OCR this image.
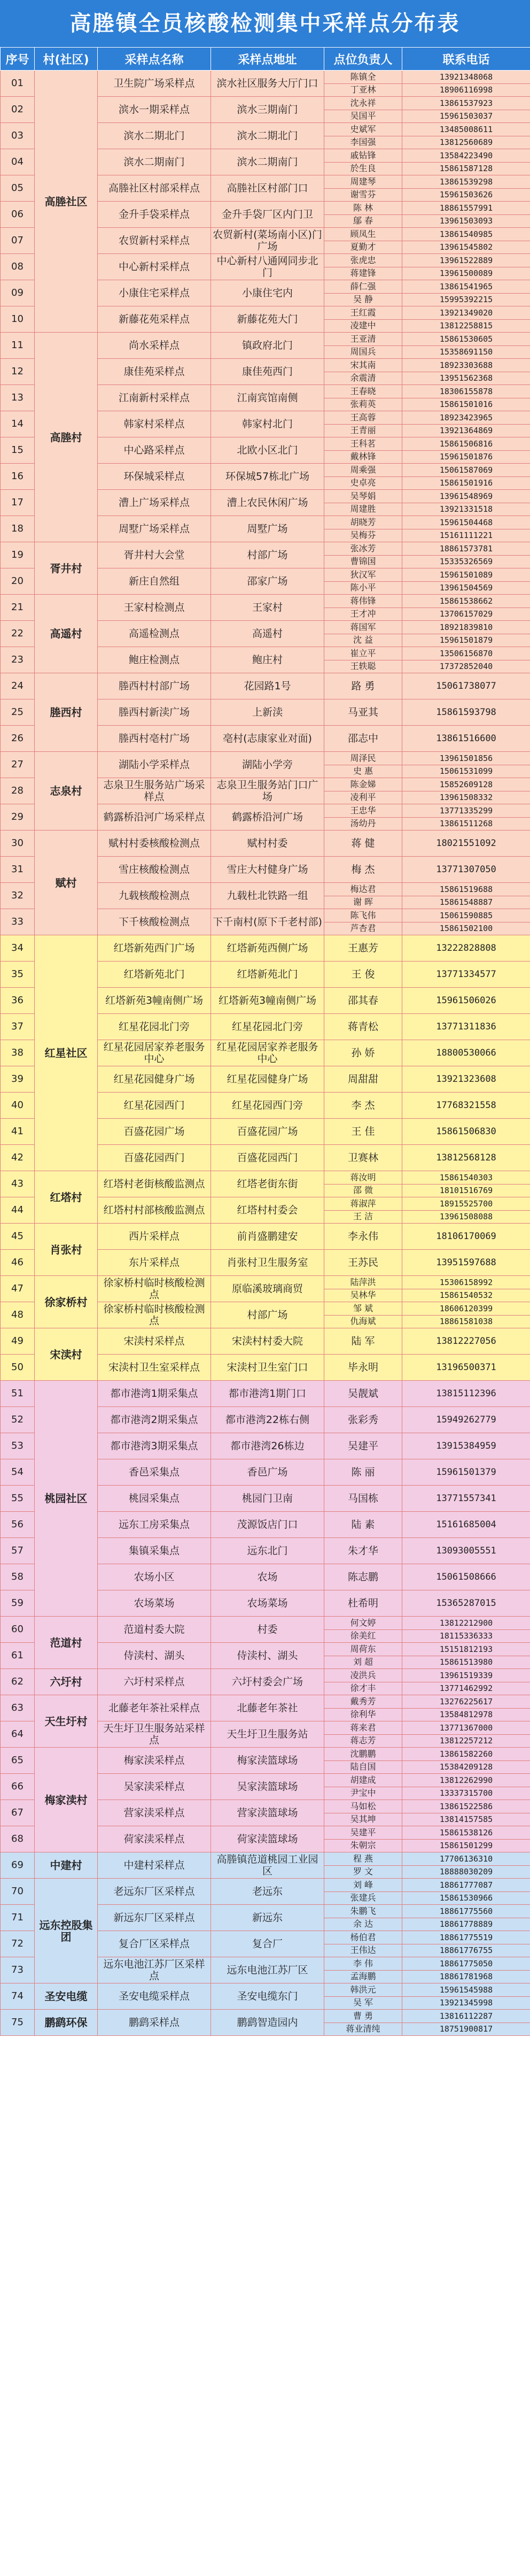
高塍镇全员核酸检测集中采样点分布表
序号	村(社区)	采样点名称	采样点地址	点位负责人	联系电话
01	高塍社区	卫生院广场采样点	滨水社区服务大厅门口	陈镇全	13921348068
				丁亚林	18906116998
02		滨水一期采样点	滨水三期南门	沈永祥	13861537923
				吴国平	15961503037
03		滨水二期北门	滨水二期北门	史斌军	13485008611
				李国强	13812560689
04		滨水二期南门	滨水二期南门	戚钻锋	13584223490
				於生良	15861587128
05		高塍社区村部采样点	高塍社区村部门口	周建琴	13861539298
				谢雪芬	15961503626
06		金升手袋采样点	金升手袋厂区内门卫	陈 林	18861557991
				鄔 春	13961503093
07		农贸新村采样点	农贸新村(菜场南小区)门广场	顾凤生	13861540985
				夏勤才	13961545802
08		中心新村采样点	中心新村八通网同步北门	张虎忠	13961522889
				蒋建锋	13961500089
09		小康住宅采样点	小康住宅内	薛仁强	13861541965
				吴 静	15995392215
10		新藤花苑采样点	新藤花苑大门	王红霞	13921349020
				凌建中	13812258815
11	高塍村	尚水采样点	镇政府北门	王亚清	15861530605
				周国兵	15358691150
12		康佳苑采样点	康佳苑西门	宋其南	18923303688
				余震清	13951562368
13		江南新村采样点	江南宾馆南侧	王春晓	18306155878
				张莉英	15861501016
14		韩家村采样点	韩家村北门	王高蓉	18923423965
				王青丽	13921364869
15		中心路采样点	北欧小区北门	王科茗	15861506816
				戴林锋	15961501876
16		环保城采样点	环保城57栋北广场	周乘强	15061587069
				史卓亮	15861501916
17		漕上广场采样点	漕上农民休闲广场	吴琴娟	13961548969
				周建胜	13921331518
18		周墅广场采样点	周墅广场	胡晓芳	15961504468
				吴梅芬	15161111221
19	胥井村	胥井村大会堂	村部广场	张冰芳	18861573781
				曹锦国	15335326569
20		新庄自然组	邵家广场	狄汉军	15961501089
				陈小平	13961504569
21	高遥村	王家村检测点	王家村	蒋伟锋	15861538662
				王才冲	13706157029
22		高遥检测点	高遥村	蒋国军	18921839810
				沈 益	15961501879
23		鲍庄检测点	鲍庄村	崔立平	13506156870
				王轶聪	17372852040
24	塍西村	塍西村村部广场	花园路1号	路 勇	15061738077
25		塍西村新渎广场	上新渎	马亚其	15861593798
26		塍西村亳村广场	亳村(志康家业对面)	邵志中	13861516600
27	志泉村	湖陆小学采样点	湖陆小学旁	周泽民	13961501856
				史 惠	15061531099
28		志泉卫生服务站广场采样点	志泉卫生服务站门口广场	陈金娣	15852609128
				凌利平	13961508332
29		鹤露桥沿河广场采样点	鹤露桥沿河广场	王忠华	13771335299
				汤幼丹	13861511268
30	赋村	赋村村委核酸检测点	赋村村委	蒋 健	18021551092
31		雪庄核酸检测点	雪庄大村健身广场	梅 杰	13771307050
32		九载核酸检测点	九载杜北铁路一组	梅达君	15861519688
				谢 晖	15861548887
33		下千核酸检测点	下千南村(原下千老村部)	陈飞伟	15061590885
				芦杏君	15861502100
34	红星社区	红塔新苑西门广场	红塔新苑西侧广场	王惠芳	13222828808
35		红塔新苑北门	红塔新苑北门	王 俊	13771334577
36		红塔新苑3幢南侧广场	红塔新苑3幢南侧广场	邵其春	15961506026
37		红星花园北门旁	红星花园北门旁	蒋青松	13771311836
38		红星花园居家养老服务中心	红星花园居家养老服务中心	孙 娇	18800530066
39		红星花园健身广场	红星花园健身广场	周甜甜	13921323608
40		红星花园西门	红星花园西门旁	李 杰	17768321558
41		百盛花园广场	百盛花园广场	王 佳	15861506830
42		百盛花园西门	百盛花园西门	卫赛林	13812568128
43	红塔村	红塔村老街核酸监测点	红塔老街东街	蒋汝明	15861540303
				邵 微	18101516769
44		红塔村村部核酸监测点	红塔村村委会	蒋淑萍	18915525700
				王 洁	13961508088
45	肖张村	西片采样点	前肖盛鹏建安	李永伟	18106170069
46		东片采样点	肖张村卫生服务室	王苏民	13951597688
47	徐家桥村	徐家桥村临时核酸检测点	原临溪玻璃商贸	陆萍洪	15306158992
				吴林华	15861540532
48		徐家桥村临时核酸检测点	村部广场	邹 斌	18606120399
				仇海斌	18861581038
49	宋渎村	宋渎村采样点	宋渎村村委大院	陆 军	13812227056
50		宋渎村卫生室采样点	宋渎村卫生室门口	毕永明	13196500371
51	桃园社区	都市港湾1期采集点	都市港湾1期门口	吴靓斌	13815112396
52		都市港湾2期采集点	都市港湾22栋右侧	张彩秀	15949262779
53		都市港湾3期采集点	都市港湾26栋边	吴建平	13915384959
54		香邑采集点	香邑广场	陈 丽	15961501379
55		桃园采集点	桃园门卫南	马国栋	13771557341
56		远东工房采集点	茂源饭店门口	陆 素	15161685004
57		集镇采集点	远东北门	朱才华	13093005551
58		农场小区	农场	陈志鹏	15061508666
59		农场菜场	农场菜场	杜希明	15365287015
60	范道村	范道村委大院	村委	何文婷	13812212900
				徐美红	18115336333
61		侍渎村、湖头	侍渎村、湖头	周荷东	15151812193
				刘 超	15861513980
62	六圩村	六圩村采样点	六圩村委会广场	凌洪兵	13961519339
				徐才丰	13771462992
63	天生圩村	北藤老年茶社采样点	北藤老年茶社	戴秀芳	13276225617
				徐利华	13584812978
64		天生圩卫生服务站采样点	天生圩卫生服务站	蒋来君	13771367000
				蒋志芳	13812257212
65	梅家渎村	梅家渎采样点	梅家渎篮球场	沈鹏鹏	13861582260
				陆自国	15384209128
66		吴家渎采样点	吴家渎篮球场	胡建成	13812262990
				尹宝中	13337315700
67		营家渎采样点	营家渎篮球场	马如松	13861522586
				吴其坤	13814157585
68		荷家渎采样点	荷家渎篮球场	吴建平	15861538126
				朱朝宗	15861501299
69	中建村	中建村采样点	高塍镇范道桃园工业园区	程 燕	17706136310
				罗 文	18888030209
70	远东控股集团	老远东厂区采样点	老远东	刘 峰	18861777087
				张建兵	15861530966
71		新远东厂区采样点	新远东	朱鹏飞	18861775560
				余 达	18861778889
72		复合厂区采样点	复合厂	杨伯君	18861775519
				王伟达	18861776755
73		远东电池江苏厂区采样点	远东电池江苏厂区	李 伟	18861775050
				孟海鹏	18861781968
74	圣安电缆	圣安电缆采样点	圣安电缆东门	韩洪元	15961545988
				吴 军	13921345998
75	鹏鹞环保	鹏鹞采样点	鹏鹞智造园内	曹 勇	13816112287
				蒋业清纯	18751900817
